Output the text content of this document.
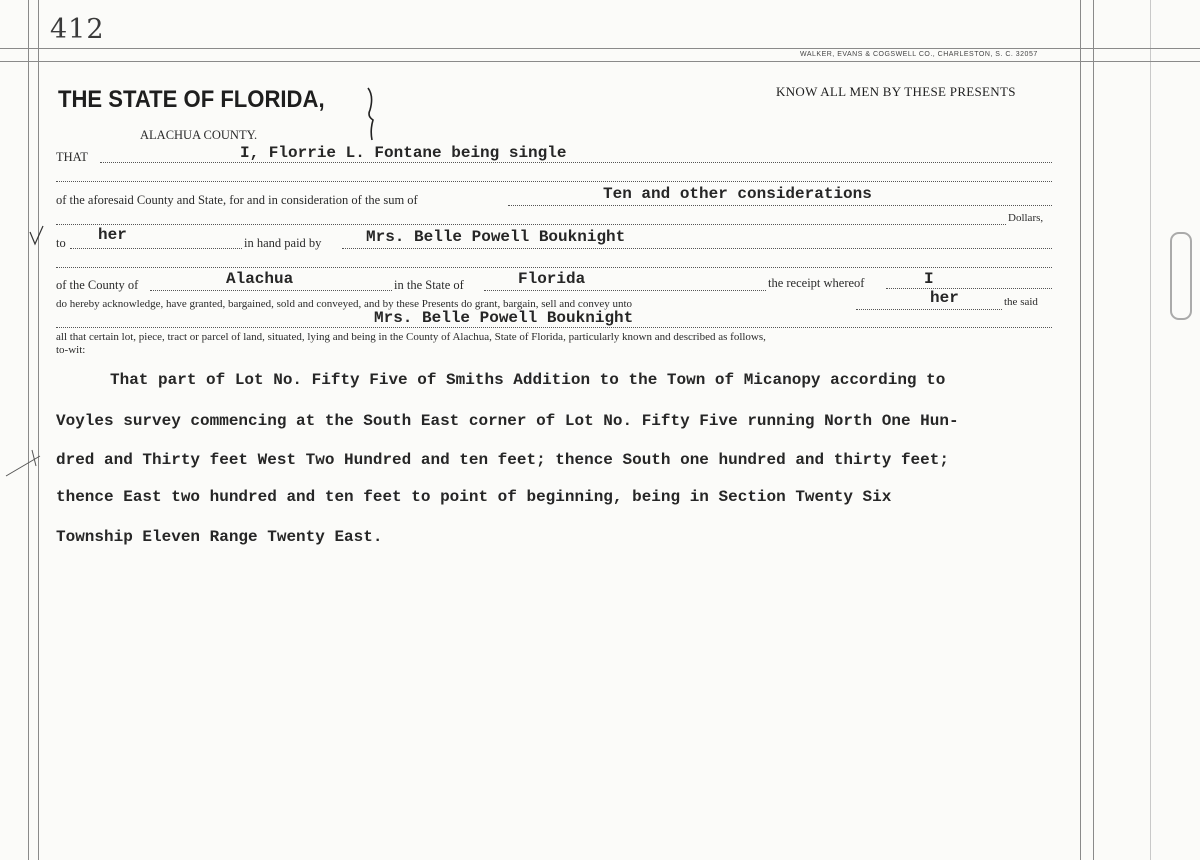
412
WALKER, EVANS & COGSWELL CO., CHARLESTON, S. C. 32057
THE STATE OF FLORIDA,
ALACHUA COUNTY.
KNOW ALL MEN BY THESE PRESENTS
THAT	I, Florrie L. Fontane being single
of the aforesaid County and State, for and in consideration of the sum of	Ten and other considerations
Dollars,
to her	in hand paid by	Mrs. Belle Powell Bouknight
of the County of	Alachua	in the State of	Florida	the receipt whereof	I
do hereby acknowledge, have granted, bargained, sold and conveyed, and by these Presents do grant, bargain, sell and convey unto	her	the said
Mrs. Belle Powell Bouknight
all that certain lot, piece, tract or parcel of land, situated, lying and being in the County of Alachua, State of Florida, particularly known and described as follows,
to-wit:
That part of Lot No. Fifty Five of Smiths Addition to the Town of Micanopy according to
Voyles survey commencing at the South East corner of Lot No. Fifty Five running North One Hun-
dred and Thirty feet West Two Hundred and ten feet; thence South one hundred and thirty feet;
thence East two hundred and ten feet to point of beginning, being in Section Twenty Six
Township Eleven Range Twenty East.
